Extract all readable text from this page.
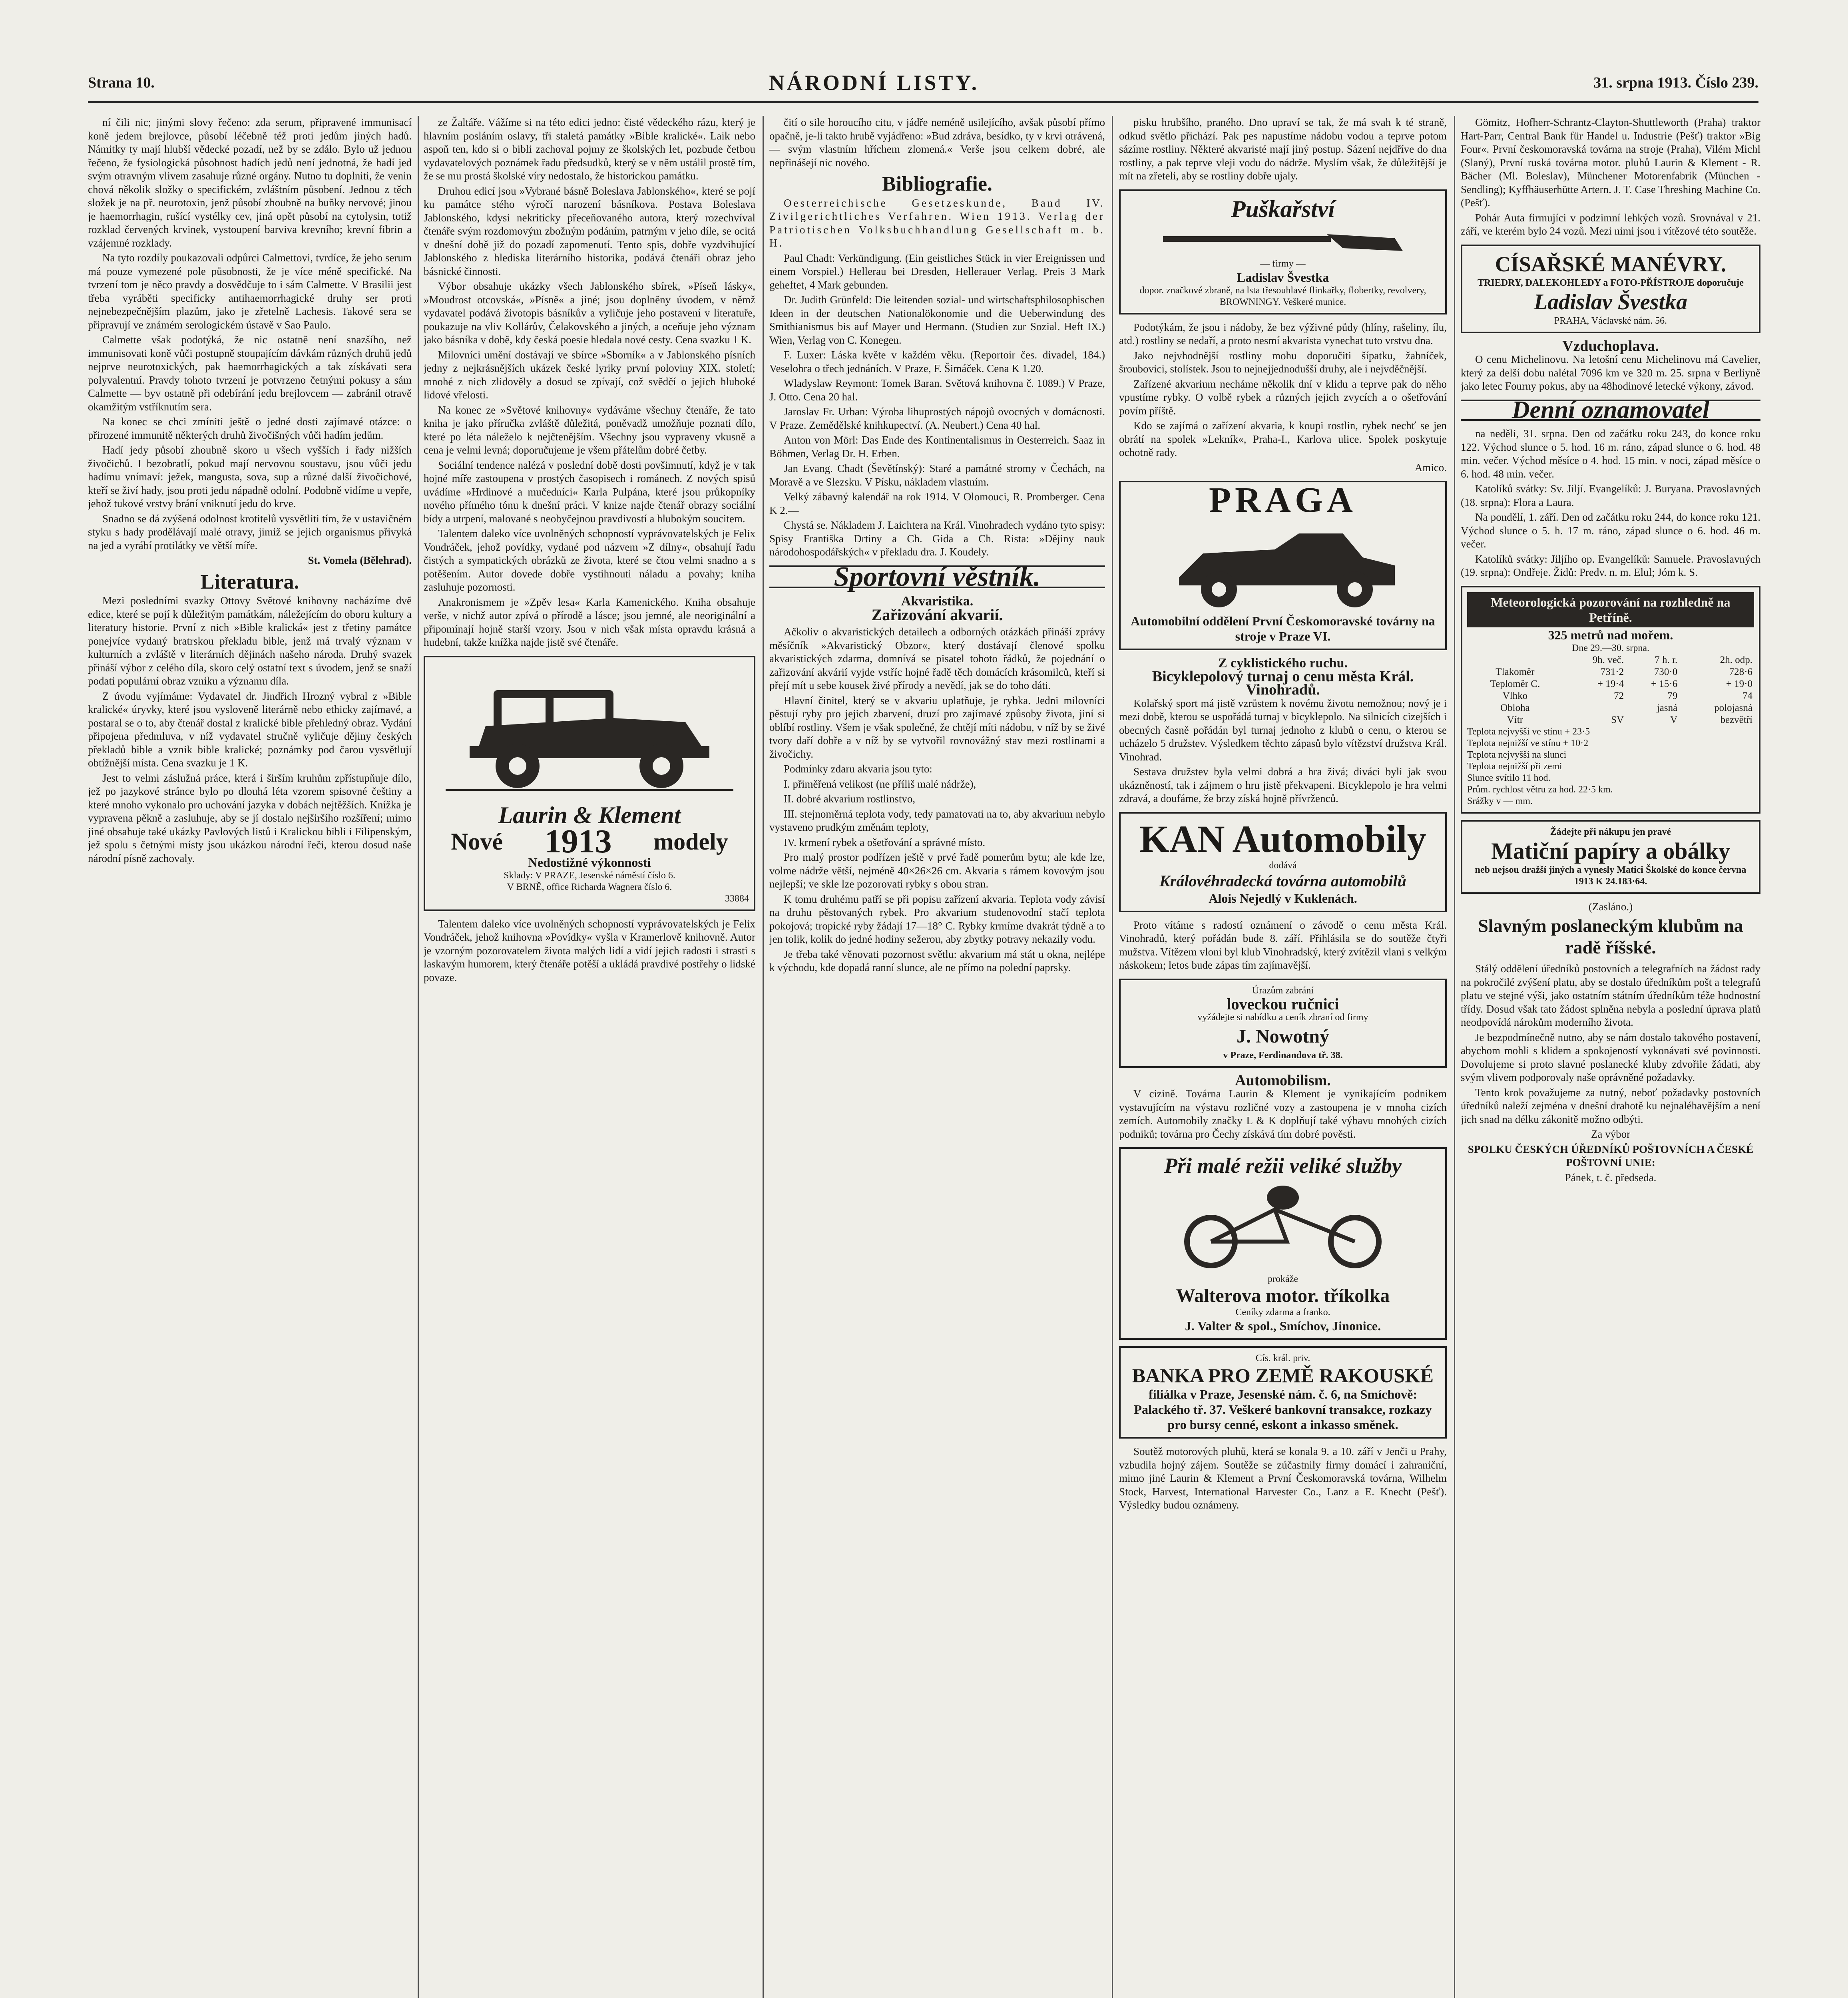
Strana 10.	NÁRODNÍ LISTY.	31. srpna 1913. Číslo 239.

ní čili nic; jinými slovy řečeno: zda serum, připravené immunisací koně jedem brejlovce, působí léčebně též proti jedům jiných hadů. Námitky ty mají hlubší vědecké pozadí, než by se zdálo. Bylo už jednou řečeno, že fysiologická působnost hadích jedů není jednotná, že hadí jed svým otravným vlivem zasahuje různé orgány. Nutno tu doplniti, že venin chová několik složky o specifickém, zvláštním působení. Jednou z těch složek je na př. neurotoxin, jenž působí zhoubně na buňky nervové; jinou je haemorrhagin, rušící vystélky cev, jiná opět působí na cytolysin, totiž rozklad červených krvinek, vystoupení barviva krevního; krevní fibrin a vzájemné rozklady.

Na tyto rozdíly poukazovali odpůrci Calmettovi, tvrdíce, že jeho serum má pouze vymezené pole působnosti, že je více méně specifické. Na tvrzení tom je něco pravdy a dosvědčuje to i sám Calmette. V Brasilii jest třeba vyráběti specificky antihaemorrhagické druhy ser proti nejnebezpečnějším plazům, jako je zřetelně Lachesis. Takové sera se připravují ve známém serologickém ústavě v Sao Paulo.

Calmette však podotýká, že nic ostatně není snazšího, než immunisovati koně vůči postupně stoupajícím dávkám různých druhů jedů nejprve neurotoxických, pak haemorrhagických a tak získávati sera polyvalentní. Pravdy tohoto tvrzení je potvrzeno četnými pokusy a sám Calmette — byv ostatně při odebírání jedu brejlovcem — zabránil otravě okamžitým vstříknutím sera.

Na konec se chci zmíniti ještě o jedné dosti zajímavé otázce: o přirozené immunitě některých druhů živočišných vůči hadím jedům.

Hadí jedy působí zhoubně skoro u všech vyšších i řady nižších živočichů. I bezobratlí, pokud mají nervovou soustavu, jsou vůči jedu hadímu vnímaví: ježek, mangusta, sova, sup a různé další živočichové, kteří se živí hady, jsou proti jedu nápadně odolní. Podobně vidíme u vepře, jehož tukové vrstvy brání vniknutí jedu do krve.

Snadno se dá zvýšená odolnost krotitelů vysvětliti tím, že v ustavičném styku s hady prodělávají malé otravy, jimiž se jejich organismus přivyká na jed a vyrábí protilátky ve větší míře.

St. Vomela (Bělehrad).

Literatura.

Mezi posledními svazky Ottovy Světové knihovny nacházíme dvě edice, které se pojí k důležitým památkám, náležejícím do oboru kultury a literatury historie. První z nich »Bible kralická« jest z třetiny památce ponejvíce vydaný bratrskou překladu bible, jenž má trvalý význam v kulturních a zvláště v literárních dějinách našeho národa. Druhý svazek přináší výbor z celého díla, skoro celý ostatní text s úvodem, jenž se snaží podati populární obraz vzniku a významu díla.

Z úvodu vyjímáme: Vydavatel dr. Jindřich Hrozný vybral z »Bible kralické« úryvky, které jsou vysloveně literárně nebo ethicky zajímavé, a postaral se o to, aby čtenář dostal z kralické bible přehledný obraz. Vydání připojena předmluva, v níž vydavatel stručně vyličuje dějiny českých překladů bible a vznik bible kralické; poznámky pod čarou vysvětlují obtížnější místa. Cena svazku je 1 K.

Jest to velmi záslužná práce, která i širším kruhům zpřístupňuje dílo, jež po jazykové stránce bylo po dlouhá léta vzorem spisovné češtiny a které mnoho vykonalo pro uchování jazyka v dobách nejtěžších. Knížka je vypravena pěkně a zasluhuje, aby se jí dostalo nejširšího rozšíření; mimo jiné obsahuje také ukázky Pavlových listů i Kralickou bibli i Filipenským, jež spolu s četnými místy jsou ukázkou národní řeči, kterou dosud naše národní písně zachovaly.

ze Žaltáře. Vážíme si na této edici jedno: čisté vědeckého rázu, který je hlavním posláním oslavy, tři staletá památky »Bible kralické«. Laik nebo aspoň ten, kdo si o bibli zachoval pojmy ze školských let, pozbude četbou vydavatelových poznámek řadu předsudků, který se v něm ustálil prostě tím, že se mu prostá školské víry nedostalo, že historickou památku.

Druhou edicí jsou »Vybrané básně Boleslava Jablonského«, které se pojí ku památce stého výročí narození básníkova. Postava Boleslava Jablonského, kdysi nekriticky přeceňovaného autora, který rozechvíval čtenáře svým rozdomovým zbožným podáním, patrným v jeho díle, se ocitá v dnešní době již do pozadí zapomenutí. Tento spis, dobře vyzdvihující Jablonského z hlediska literárního historika, podává čtenáři obraz jeho básnické činnosti.

Výbor obsahuje ukázky všech Jablonského sbírek, »Píseň lásky«, »Moudrost otcovská«, »Písně« a jiné; jsou doplněny úvodem, v němž vydavatel podává životopis básníkův a vyličuje jeho postavení v literatuře, poukazuje na vliv Kollárův, Čelakovského a jiných, a oceňuje jeho význam jako básníka v době, kdy česká poesie hledala nové cesty. Cena svazku 1 K.

Milovníci umění dostávají ve sbírce »Sborník« a v Jablonského písních jedny z nejkrásnějších ukázek české lyriky první poloviny XIX. století; mnohé z nich zlidověly a dosud se zpívají, což svědčí o jejich hluboké lidové vřelosti.

Na konec ze »Světové knihovny« vydáváme všechny čtenáře, že tato kniha je jako příručka zvláště důležitá, poněvadž umožňuje poznati dílo, které po léta náleželo k nejčtenějším. Všechny jsou vypraveny vkusně a cena je velmi levná; doporučujeme je všem přátelům dobré četby.

Sociální tendence nalézá v poslední době dosti povšimnutí, když je v tak hojné míře zastoupena v prostých časopisech i románech. Z nových spisů uvádíme »Hrdinové a mučedníci« Karla Pulpána, které jsou průkopníky nového přímého tónu k dnešní práci. V knize najde čtenář obrazy sociální bídy a utrpení, malované s neobyčejnou pravdivostí a hlubokým soucitem.

Talentem daleko více uvolněných schopností vyprávovatelských je Felix Vondráček, jehož povídky, vydané pod názvem »Z dílny«, obsahují řadu čistých a sympatických obrázků ze života, které se čtou velmi snadno a s potěšením. Autor dovede dobře vystihnouti náladu a povahy; kniha zasluhuje pozornosti.

Anakronismem je »Zpěv lesa« Karla Kamenického. Kniha obsahuje verše, v nichž autor zpívá o přírodě a lásce; jsou jemné, ale neoriginální a připomínají hojně starší vzory. Jsou v nich však místa opravdu krásná a hudební, takže knížka najde jistě své čtenáře.

Laurin & Klement
Nové 1913 modely
Nedostižné výkonnosti
Sklady: V PRAZE, Jesenské náměstí číslo 6.
V BRNĚ, office Richarda Wagnera číslo 6.
33884

Talentem daleko více uvolněných schopností vyprávovatelských je Felix Vondráček, jehož knihovna »Povídky« vyšla v Kramerlově knihovně. Autor je vzorným pozorovatelem života malých lidí a vidí jejich radosti i strasti s laskavým humorem, který čtenáře potěší a ukládá pravdivé postřehy o lidské povaze.

čití o sile horoucího citu, v jádře neméně usilejícího, avšak působí přímo opačně, je-li takto hrubě vyjádřeno: »Bud zdráva, besídko, ty v krvi otrávená, — svým vlastním hříchem zlomená.« Verše jsou celkem dobré, ale nepřinášejí nic nového.

Bibliografie.

Oesterreichische Gesetzeskunde, Band IV. Zivilgerichtliches Verfahren. Wien 1913. Verlag der Patriotischen Volksbuchhandlung Gesellschaft m. b. H.

Paul Chadt: Verkündigung. (Ein geistliches Stück in vier Ereignissen und einem Vorspiel.) Hellerau bei Dresden, Hellerauer Verlag. Preis 3 Mark geheftet, 4 Mark gebunden.

Dr. Judith Grünfeld: Die leitenden sozial- und wirtschaftsphilosophischen Ideen in der deutschen Nationalökonomie und die Ueberwindung des Smithianismus bis auf Mayer und Hermann. (Studien zur Sozial. Heft IX.) Wien, Verlag von C. Konegen.

F. Luxer: Láska květe v každém věku. (Reportoir čes. divadel, 184.) Veselohra o třech jednáních. V Praze, F. Šimáček. Cena K 1.20.

Wladyslaw Reymont: Tomek Baran. Světová knihovna č. 1089.) V Praze, J. Otto. Cena 20 hal.

Jaroslav Fr. Urban: Výroba lihuprostých nápojů ovocných v domácnosti. V Praze. Zemědělské knihkupectví. (A. Neubert.) Cena 40 hal.

Anton von Mörl: Das Ende des Kontinentalismus in Oesterreich. Saaz in Böhmen, Verlag Dr. H. Erben.

Jan Evang. Chadt (Ševětínský): Staré a památné stromy v Čechách, na Moravě a ve Slezsku. V Písku, nákladem vlastním.

Velký zábavný kalendář na rok 1914. V Olomouci, R. Promberger. Cena K 2.—

Chystá se. Nákladem J. Laichtera na Král. Vinohradech vydáno tyto spisy: Spisy Františka Drtiny a Ch. Gida a Ch. Rista: »Dějiny nauk národohospodářských« v překladu dra. J. Koudely.

Sportovní věstník.
Akvaristika.
Zařizování akvarií.

Ačkoliv o akvaristických detailech a odborných otázkách přináší zprávy měsíčník »Akvaristický Obzor«, který dostávají členové spolku akvaristických zdarma, domnívá se pisatel tohoto řádků, že pojednání o zařizování akvárií vyjde vstříc hojné řadě těch domácích krásomilců, kteří si přejí mít u sebe kousek živé přírody a nevědí, jak se do toho dáti.

Hlavní činitel, který se v akvariu uplatňuje, je rybka. Jedni milovníci pěstují ryby pro jejich zbarvení, druzí pro zajímavé způsoby života, jiní si oblíbí rostliny. Všem je však společné, že chtějí míti nádobu, v níž by se živé tvory daří dobře a v níž by se vytvořil rovnovážný stav mezi rostlinami a živočichy.

Podmínky zdaru akvaria jsou tyto:

I. přiměřená velikost (ne příliš malé nádrže),

II. dobré akvarium rostlinstvo,

III. stejnoměrná teplota vody, tedy pamatovati na to, aby akvarium nebylo vystaveno prudkým změnám teploty,

IV. krmení rybek a ošetřování a správné místo.

Pro malý prostor podřízen ještě v prvé řadě pomerům bytu; ale kde lze, volme nádrže větší, nejméně 40×26×26 cm. Akvaria s rámem kovovým jsou nejlepší; ve skle lze pozorovati rybky s obou stran.

K tomu druhému patří se při popisu zařízení akvaria. Teplota vody závisí na druhu pěstovaných rybek. Pro akvarium studenovodní stačí teplota pokojová; tropické ryby žádají 17—18° C. Rybky krmíme dvakrát týdně a to jen tolik, kolik do jedné hodiny sežerou, aby zbytky potravy nekazily vodu.

Je třeba také věnovati pozornost světlu: akvarium má stát u okna, nejlépe k východu, kde dopadá ranní slunce, ale ne přímo na polední paprsky.

pisku hrubšího, praného. Dno upraví se tak, že má svah k té straně, odkud světlo přichází. Pak pes napustíme nádobu vodou a teprve potom sázíme rostliny. Některé akvaristé mají jiný postup. Sázení nejdříve do dna rostliny, a pak teprve vleji vodu do nádrže. Myslím však, že důležitější je mít na zřeteli, aby se rostliny dobře ujaly.

Puškařství
— firmy —
Ladislav Švestka
dopor. značkové zbraně, na lsta třesouhlavé flinkařky, flobertky, revolvery, BROWNINGY. Veškeré munice.

Podotýkám, že jsou i nádoby, že bez výživné půdy (hlíny, rašeliny, ílu, atd.) rostliny se nedaří, a proto nesmí akvarista vynechat tuto vrstvu dna.

Jako nejvhodnější rostliny mohu doporučiti šípatku, žabníček, šroubovici, stolístek. Jsou to nejnejjednodušší druhy, ale i nejvděčnější.

Zařízené akvarium necháme několik dní v klidu a teprve pak do něho vpustíme rybky. O volbě rybek a různých jejich zvycích a o ošetřování povím příště.

Kdo se zajímá o zařízení akvaria, k koupi rostlin, rybek nechť se jen obrátí na spolek »Lekník«, Praha-I., Karlova ulice. Spolek poskytuje ochotně rady.

Amico.

PRAGA
Automobilní oddělení První Českomoravské továrny na stroje v Praze VI.
Z cyklistického ruchu.
Bicyklepolový turnaj o cenu města Král. Vinohradů.

Kolařský sport má jistě vzrůstem k novému životu nemožnou; nový je i mezi době, kterou se uspořádá turnaj v bicyklepolo. Na silnicích cizejších i obecných časně pořádán byl turnaj jednoho z klubů o cenu, o kterou se ucházelo 5 družstev. Výsledkem těchto zápasů bylo vítězství družstva Král. Vinohrad.

Sestava družstev byla velmi dobrá a hra živá; diváci byli jak svou ukázněností, tak i zájmem o hru jistě překvapeni. Bicyklepolo je hra velmi zdravá, a doufáme, že brzy získá hojně přívrženců.

KAN Automobily
dodává
Královéhradecká továrna automobilů
Alois Nejedlý v Kuklenách.

Proto vítáme s radostí oznámení o závodě o cenu města Král. Vinohradů, který pořádán bude 8. září. Přihlásila se do soutěže čtyři mužstva. Vítězem vloni byl klub Vinohradský, který zvítězil vlani s velkým náskokem; letos bude zápas tím zajímavější.

Úrazům zabrání
loveckou ručnici
vyžádejte si nabídku a ceník zbraní od firmy
J. Nowotný
v Praze, Ferdinandova tř. 38.
Automobilism.

V cizině. Továrna Laurin & Klement je vynikajícím podnikem vystavujícím na výstavu rozličné vozy a zastoupena je v mnoha cizích zemích. Automobily značky L & K doplňují také výbavu mnohých cizích podniků; továrna pro Čechy získává tím dobré pověsti.

Při malé režii veliké služby
prokáže
Walterova motor. tříkolka
Ceníky zdarma a franko.
J. Valter & spol., Smíchov, Jinonice.
Cís. král. priv.
BANKA PRO ZEMĚ RAKOUSKÉ
filiálka v Praze, Jesenské nám. č. 6, na Smíchově: Palackého tř. 37. Veškeré bankovní transakce, rozkazy pro bursy cenné, eskont a inkasso směnek.

Soutěž motorových pluhů, která se konala 9. a 10. září v Jenči u Prahy, vzbudila hojný zájem. Soutěže se zúčastnily firmy domácí i zahraniční, mimo jiné Laurin & Klement a První Českomoravská továrna, Wilhelm Stock, Harvest, International Harvester Co., Lanz a E. Knecht (Pešť). Výsledky budou oznámeny.

Gömitz, Hofherr-Schrantz-Clayton-Shuttleworth (Praha) traktor Hart-Parr, Central Bank für Handel u. Industrie (Pešť) traktor »Big Four«. První českomoravská továrna na stroje (Praha), Vilém Michl (Slaný), První ruská továrna motor. pluhů Laurin & Klement - R. Bächer (Ml. Boleslav), Münchener Motorenfabrik (München - Sendling); Kyffhäuserhütte Artern. J. T. Case Threshing Machine Co. (Pešť).

Pohár Auta firmujíci v podzimní lehkých vozů. Srovnával v 21. září, ve kterém bylo 24 vozů. Mezi nimi jsou i vítězové této soutěže.

CÍSAŘSKÉ MANÉVRY.
TRIEDRY, DALEKOHLEDY a FOTO-PŘÍSTROJE doporučuje
Ladislav Švestka
PRAHA, Václavské nám. 56.
Vzduchoplava.

O cenu Michelinovu. Na letošní cenu Michelinovu má Cavelier, který za delší dobu nalétal 7096 km ve 320 m. 25. srpna v Berliyně jako letec Fourny pokus, aby na 48hodinové letecké výkony, závod.

Denní oznamovatel

na neděli, 31. srpna. Den od začátku roku 243, do konce roku 122. Východ slunce o 5. hod. 16 m. ráno, západ slunce o 6. hod. 48 min. večer. Východ měsíce o 4. hod. 15 min. v noci, západ měsíce o 6. hod. 48 min. večer.

Katolíků svátky: Sv. Jiljí. Evangelíků: J. Buryana. Pravoslavných (18. srpna): Flora a Laura.

Na pondělí, 1. září. Den od začátku roku 244, do konce roku 121. Východ slunce o 5. h. 17 m. ráno, západ slunce o 6. hod. 46 m. večer.

Katolíků svátky: Jiljího op. Evangelíků: Samuele. Pravoslavných (19. srpna): Ondřeje. Židů: Predv. n. m. Elul; Jóm k. S.

Meteorologická pozorování na rozhledně na Petříně.
325 metrů nad mořem.
Dne 29.—30. srpna.
	9h. več.	7 h. r.	2h. odp.
Tlakoměr	731·2	730·0	728·6
Teploměr C.	+ 19·4	+ 15·6	+ 19·0
Vlhko	72	79	74
Obloha		jasná	polojasná
Vítr	SV	V	bezvětří
Teplota nejvyšší ve stínu + 23·5
Teplota nejnižší ve stínu + 10·2
Teplota nejvyšší na slunci
Teplota nejnižší při zemi
Slunce svítilo 11 hod.
Prům. rychlost větru za hod. 22·5 km.
Srážky v — mm.
Žádejte při nákupu jen pravé
Matiční papíry a obálky
neb nejsou dražší jiných a vynesly Matici Školské do konce června 1913 K 24.183·64.

(Zasláno.)

Slavným poslaneckým klubům na radě říšské.

Stálý oddělení úředníků postovních a telegrafních na žádost rady na pokročilé zvýšení platu, aby se dostalo úředníkům pošt a telegrafů platu ve stejné výši, jako ostatním státním úředníkům téže hodnostní třídy. Dosud však tato žádost splněna nebyla a poslední úprava platů neodpovídá nárokům moderního života.

Je bezpodmínečně nutno, aby se nám dostalo takového postavení, abychom mohli s klidem a spokojeností vykonávati své povinnosti. Dovolujeme si proto slavné poslanecké kluby zdvořile žádati, aby svým vlivem podporovaly naše oprávněné požadavky.

Tento krok považujeme za nutný, neboť požadavky postovních úředníků naleží zejména v dnešní drahotě ku nejnaléhavějším a není jich snad na délku zákonitě možno odbýti.

Za výbor

SPOLKU ČESKÝCH ÚŘEDNÍKŮ POŠTOVNÍCH A ČESKÉ POŠTOVNÍ UNIE:

Pánek, t. č. předseda.
